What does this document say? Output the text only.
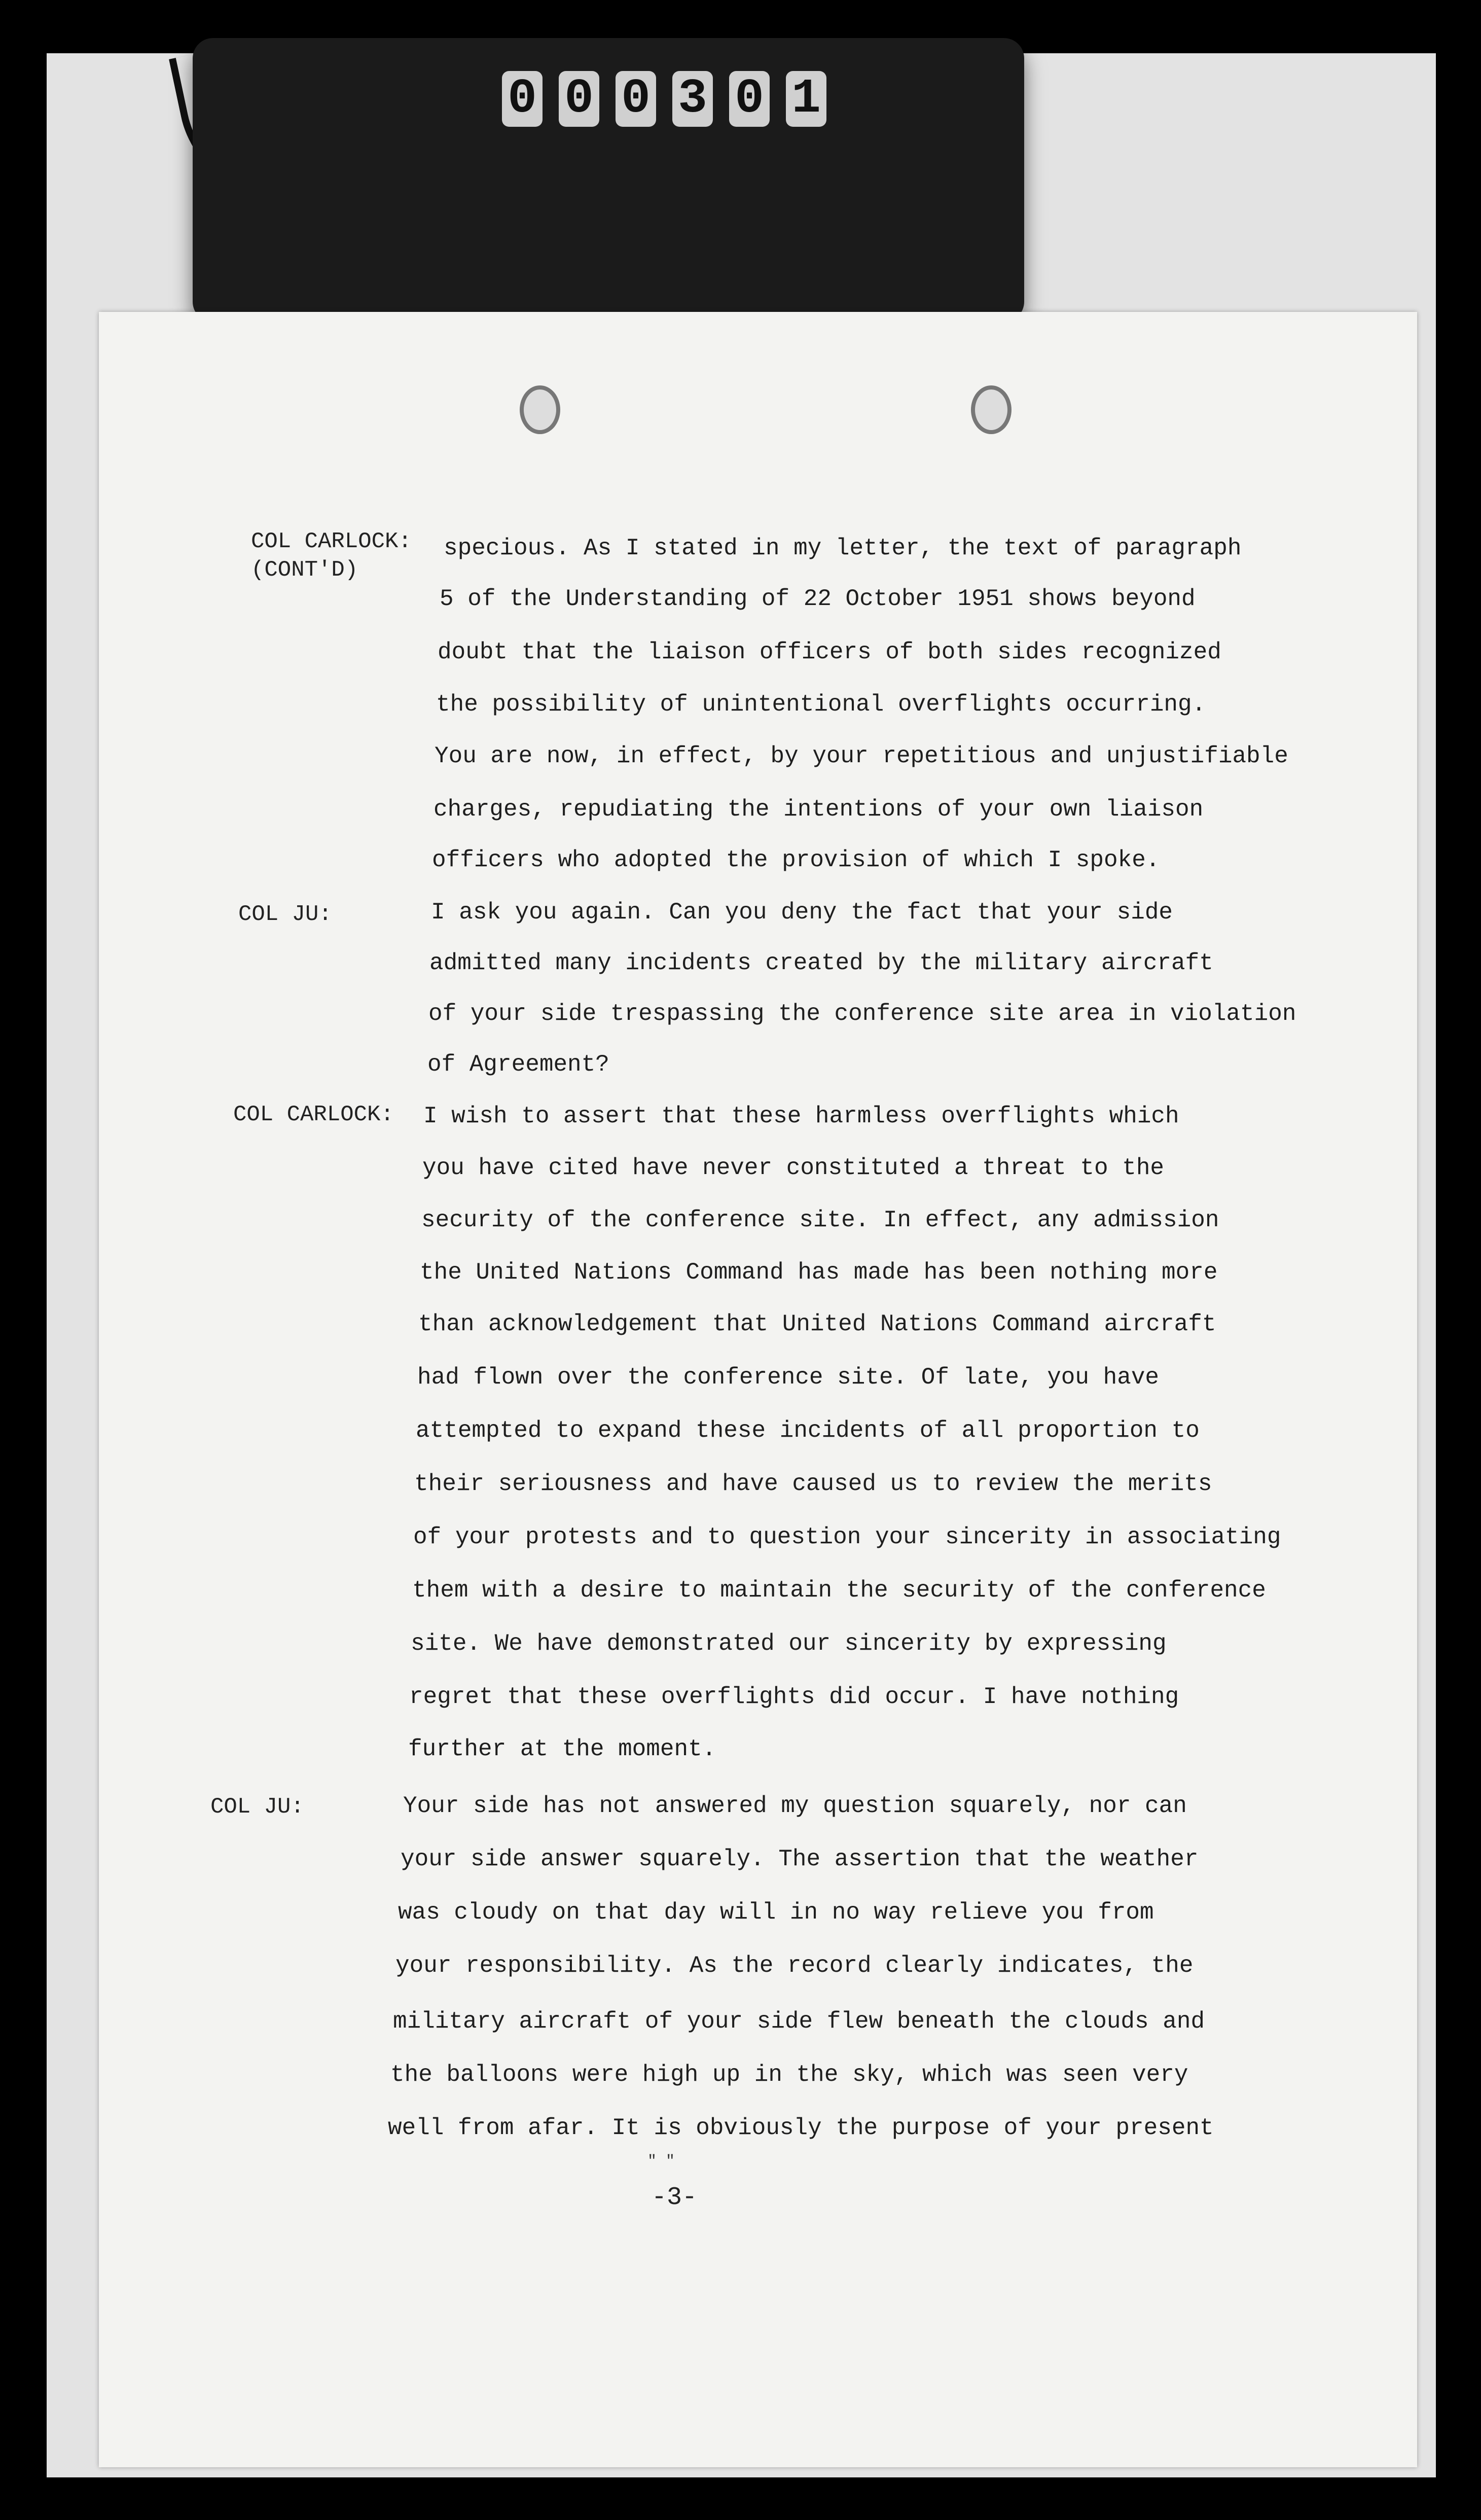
0 0 0 3 0 1
COL CARLOCK:
(CONT'D)
specious. As I stated in my letter, the text of paragraph
5 of the Understanding of 22 October 1951 shows beyond
doubt that the liaison officers of both sides recognized
the possibility of unintentional overflights occurring.
You are now, in effect, by your repetitious and unjustifiable
charges, repudiating the intentions of your own liaison
officers who adopted the provision of which I spoke.
COL JU:	I ask you again. Can you deny the fact that your side
admitted many incidents created by the military aircraft
of your side trespassing the conference site area in violation
of Agreement?
COL CARLOCK: I wish to assert that these harmless overflights which
you have cited have never constituted a threat to the
security of the conference site. In effect, any admission
the United Nations Command has made has been nothing more
than acknowledgement that United Nations Command aircraft
had flown over the conference site. Of late, you have
attempted to expand these incidents of all proportion to
their seriousness and have caused us to review the merits
of your protests and to question your sincerity in associating
them with a desire to maintain the security of the conference
site. We have demonstrated our sincerity by expressing
regret that these overflights did occur. I have nothing
further at the moment.
COL JU:	Your side has not answered my question squarely, nor can
your side answer squarely. The assertion that the weather
was cloudy on that day will in no way relieve you from
your responsibility. As the record clearly indicates, the
military aircraft of your side flew beneath the clouds and
the balloons were high up in the sky, which was seen very
well from afar. It is obviously the purpose of your present
" "
-3-
